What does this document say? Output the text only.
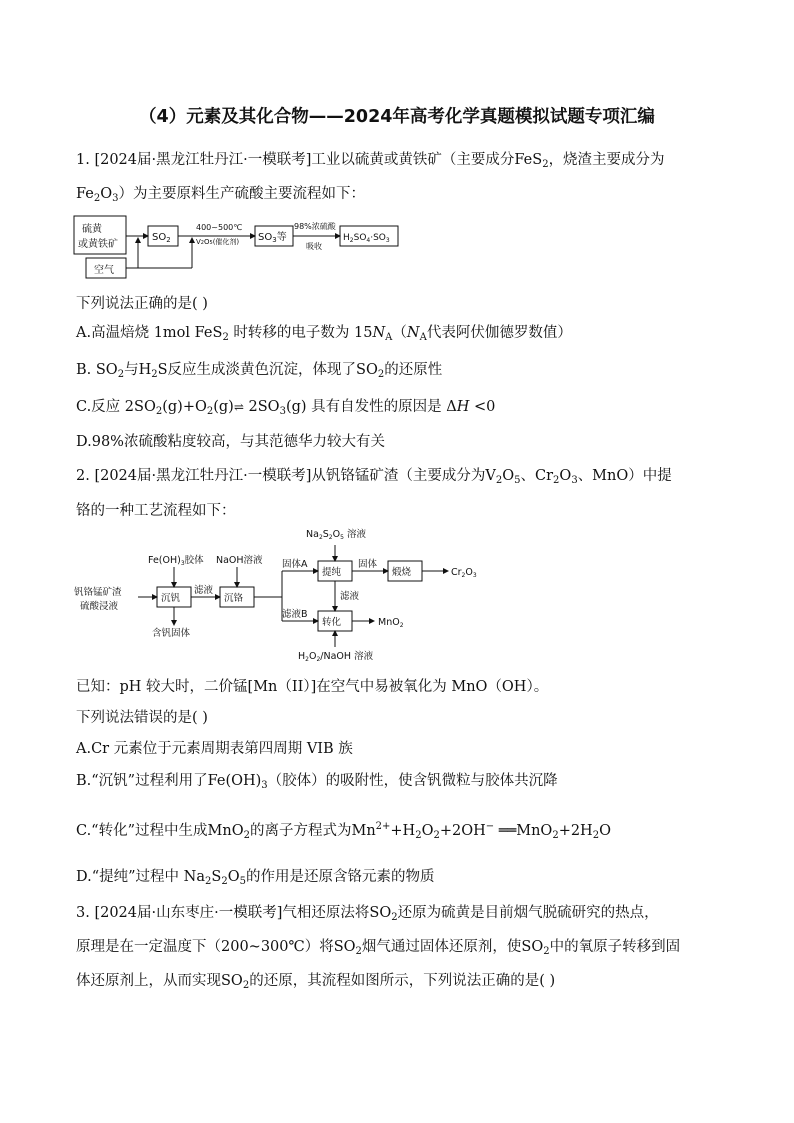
（4）元素及其化合物——2024年高考化学真题模拟试题专项汇编
1. [2024届·黑龙江牡丹江·一模联考]工业以硫黄或黄铁矿（主要成分FeS$_2$，烧渣主要成分为
$Fe_2O_3$）为主要原料生产硫酸主要流程如下：
硫黄
或黄铁矿
空气
$SO_2$
400~500℃
V2O5(催化剂) $SO_3$等
98%浓硫酸
吸收
$H_2SO_4\cdot SO_3$
下列说法正确的是( )
A.高温焙烧 1mol FeS$_2$ 时转移的电子数为 $15N_A(N_A$代表阿伏伽德罗数值）
B. $SO_2$与$H_2S$反应生成淡黄色沉淀，体现了$SO_2$的还原性
C.反应 $2SO_2(g)+O_2(g)\rightleftharpoons$ $2SO_3(g)$ 具有自发性的原因是 ΔH <0
D.98%浓硫酸粘度较高，与其范德华力较大有关
2. [2024届·黑龙江牡丹江·一模联考]从钒铬锰矿渣（主要成分为$V_2O_5$、$Cr_2O_3$、MnO）中提
铬的一种工艺流程如下：
$Na_2S_2O_5$ 溶液
$Fe(OH)_3$胶体 NaOH溶液 固体A	固体
提纯	煅烧	$Cr_2O_3$
钒铬锰矿渣
硫酸浸液
沉钒
滤液
沉铬
含钒固体
滤液
滤液B
转化	MnO$_2$
$H_2O_2$/NaOH 溶液
已知：pH 较大时，二价锰[Mn（II）]在空气中易被氧化为 MnO（OH）。
下列说法错误的是( )
A.Cr 元素位于元素周期表第四周期 VIB 族
B.“沉钒”过程利用了$Fe(OH)_3$（胶体）的吸附性，使含钒微粒与胶体共沉降
C.“转化”过程中生成MnO$_2$的离子方程式为$Mn^{2+}+H_2O_2+2OH^-$ $══MnO_2+2H_2O$
D.“提纯”过程中 $Na_2S_2O_5$的作用是还原含铬元素的物质
3. [2024届·山东枣庄·一模联考]气相还原法将$SO_2$还原为硫黄是目前烟气脱硫研究的热点，
原理是在一定温度下（200~300℃）将$SO_2$烟气通过固体还原剂，使$SO_2$中的氧原子转移到固
体还原剂上，从而实现$SO_2$的还原，其流程如图所示，下列说法正确的是( )
